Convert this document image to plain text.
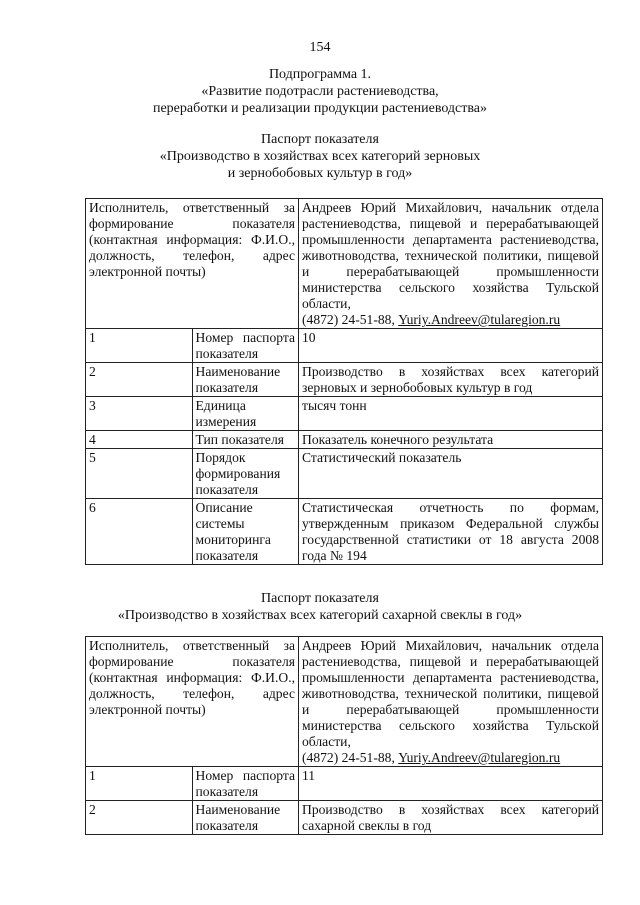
154
Подпрограмма 1.
«Развитие подотрасли растениеводства,
переработки и реализации продукции растениеводства»
Паспорт показателя
«Производство в хозяйствах всех категорий зерновых
и зернобобовых культур в год»
Исполнитель, ответственный за формирование показателя (контактная информация: Ф.И.О., должность, телефон, адрес электронной почты)		Андреев Юрий Михайлович, начальник отдела растениеводства, пищевой и перерабатывающей промышленности департамента растениеводства, животноводства, технической политики, пищевой и перерабатывающей промышленности министерства сельского хозяйства Тульской области,
(4872) 24-51-88, Yuriy.Andreev@tularegion.ru
1	Номер паспорта показателя	10
2	Наименование показателя	Производство в хозяйствах всех категорий зерновых и зернобобовых культур в год
3	Единица измерения	тысяч тонн
4	Тип показателя	Показатель конечного результата
5	Порядок формирования показателя	Статистический показатель
6	Описание системы мониторинга показателя	Статистическая отчетность по формам, утвержденным приказом Федеральной службы государственной статистики от 18 августа 2008 года № 194
Паспорт показателя
«Производство в хозяйствах всех категорий сахарной свеклы в год»
Исполнитель, ответственный за формирование показателя (контактная информация: Ф.И.О., должность, телефон, адрес электронной почты)		Андреев Юрий Михайлович, начальник отдела растениеводства, пищевой и перерабатывающей промышленности департамента растениеводства, животноводства, технической политики, пищевой и перерабатывающей промышленности министерства сельского хозяйства Тульской области,
(4872) 24-51-88, Yuriy.Andreev@tularegion.ru
1	Номер паспорта показателя	11
2	Наименование показателя	Производство в хозяйствах всех категорий сахарной свеклы в год
